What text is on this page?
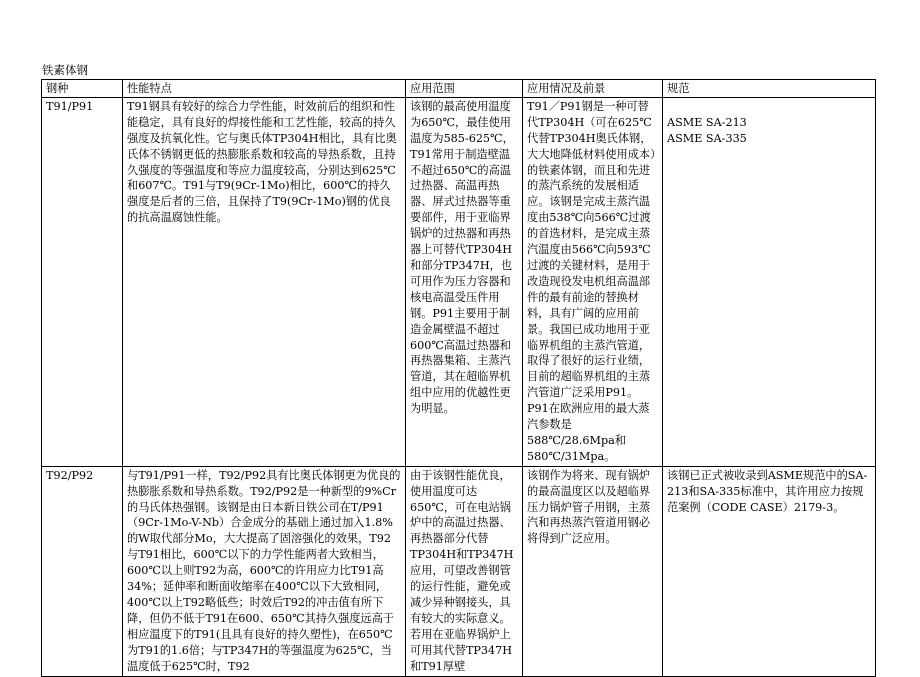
铁素体钢
钢种	性能特点	应用范围	应用情况及前景	规范
T91/P91	T91钢具有较好的综合力学性能，时效前后的组织和性能稳定，具有良好的焊接性能和工艺性能，较高的持久强度及抗氧化性。它与奥氏体TP304H相比，具有比奥氏体不锈钢更低的热膨胀系数和较高的导热系数，且持久强度的等强温度和等应力温度较高，分别达到625℃和607℃。T91与T9(9Cr-1Mo)相比，600℃的持久强度是后者的三倍，且保持了T9(9Cr-1Mo)钢的优良的抗高温腐蚀性能。	该钢的最高使用温度为650℃，最佳使用温度为585-625℃，T91常用于制造壁温不超过650℃的高温过热器、高温再热器、屏式过热器等重要部件，用于亚临界锅炉的过热器和再热器上可替代TP304H和部分TP347H，也可用作为压力容器和核电高温受压件用钢。P91主要用于制造金属壁温不超过600℃高温过热器和再热器集箱、主蒸汽管道，其在超临界机组中应用的优越性更为明显。	T91／P91钢是一种可替代TP304H（可在625℃代替TP304H奥氏体钢，大大地降低材料使用成本）的铁素体钢，而且和先进的蒸汽系统的发展相适应。该钢是完成主蒸汽温度由538℃向566℃过渡的首选材料，是完成主蒸汽温度由566℃向593℃过渡的关键材料，是用于改造现役发电机组高温部件的最有前途的替换材料，具有广阔的应用前景。我国已成功地用于亚临界机组的主蒸汽管道，取得了很好的运行业绩，目前的超临界机组的主蒸汽管道广泛采用P91。P91在欧洲应用的最大蒸汽参数是588℃/28.6Mpa和580℃/31Mpa。	ASME SA-213
ASME SA-335
T92/P92	与T91/P91一样，T92/P92具有比奥氏体钢更为优良的热膨胀系数和导热系数。T92/P92是一种新型的9%Cr的马氏体热强钢。该钢是由日本新日铁公司在T/P91（9Cr-1Mo-V-Nb）合金成分的基础上通过加入1.8%的W取代部分Mo，大大提高了固溶强化的效果，T92与T91相比，600℃以下的力学性能两者大致相当，600℃以上则T92为高，600℃的许用应力比T91高34%；延伸率和断面收缩率在400℃以下大致相同，400℃以上T92略低些；时效后T92的冲击值有所下降，但仍不低于T91在600、650℃其持久强度远高于相应温度下的T91(且具有良好的持久塑性)，在650℃为T91的1.6倍；与TP347H的等强温度为625℃，当温度低于625℃时，T92	由于该钢性能优良，使用温度可达650℃，可在电站锅炉中的高温过热器、再热器部分代替TP304H和TP347H应用，可望改善钢管的运行性能，避免或减少异种钢接头，具有较大的实际意义。若用在亚临界锅炉上可用其代替TP347H和T91厚壁	该钢作为将来、现有锅炉的最高温度区以及超临界压力锅炉管子用钢，主蒸汽和再热蒸汽管道用钢必将得到广泛应用。	该钢已正式被收录到ASME规范中的SA-213和SA-335标准中，其许用应力按规范案例（CODE CASE）2179-3。
